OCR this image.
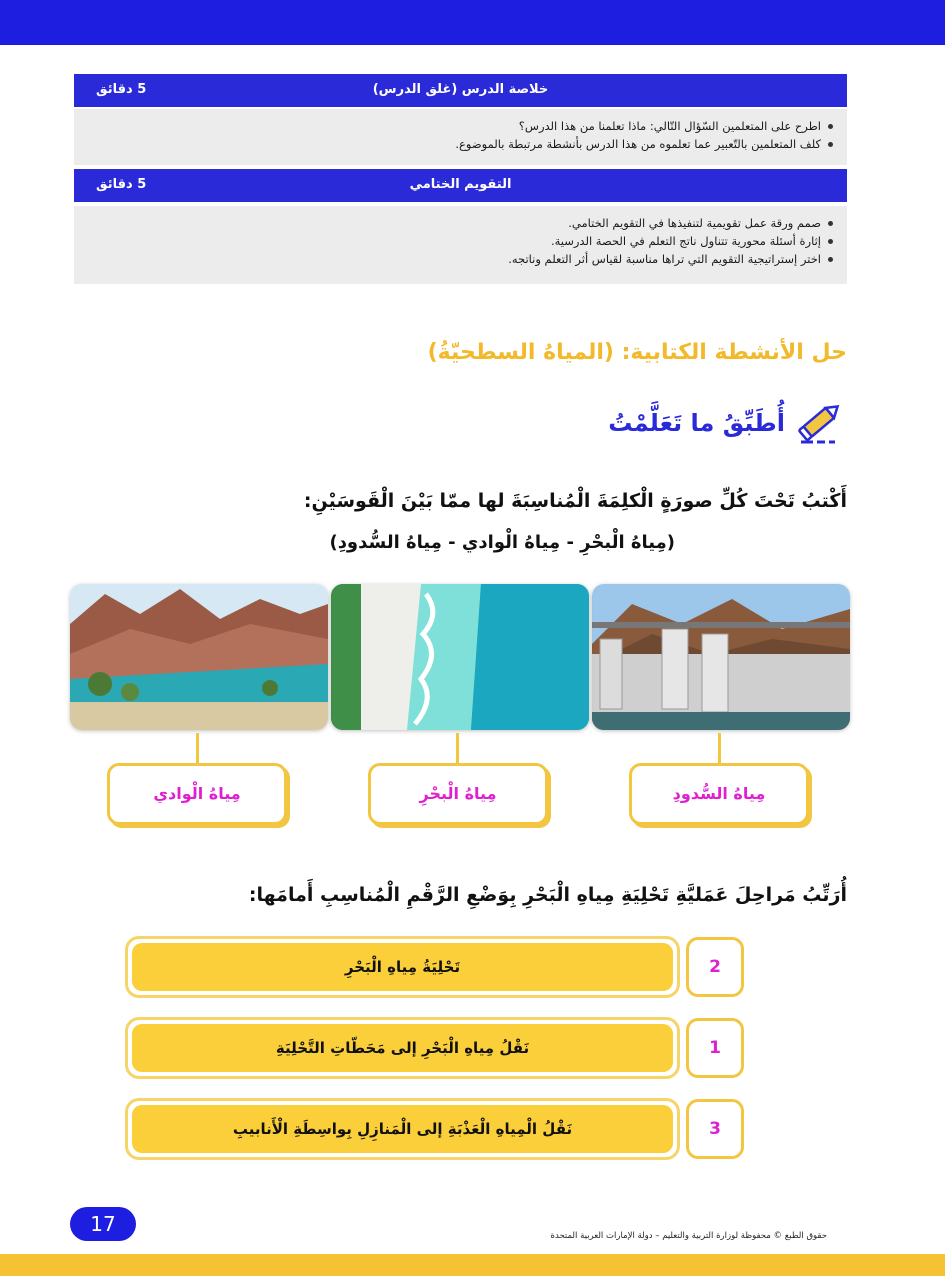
خلاصة الدرس (غلق الدرس)
5 دقائق
اطرح على المتعلمين السّؤال التّالي: ماذا تعلمنا من هذا الدرس؟
كلف المتعلمين بالتّعبير عما تعلموه من هذا الدرس بأنشطة مرتبطة بالموضوع.
التقويم الختامي
5 دقائق
صمم ورقة عمل تقويمية لتنفيذها في التقويم الختامي.
إثارة أسئلة محورية تتناول ناتج التعلم في الحصة الدرسية.
اختر إستراتيجية التقويم التي تراها مناسبة لقياس أثر التعلم وناتجه.
حل الأنشطة الكتابية: (المياهُ السطحيّةُ)
أُطَبِّقُ ما تَعَلَّمْتُ
أَكْتبُ تَحْتَ كُلِّ صورَةٍ الْكلِمَةَ الْمُناسِبَةَ لها ممّا بَيْنَ الْقَوسَيْنِ:
(مِياهُ الْبحْرِ - مِياهُ الْوادي - مِياهُ السُّدودِ)
مِياهُ السُّدودِ
مِياهُ الْبحْرِ
مِياهُ الْوادي
أُرَتِّبُ مَراحِلَ عَمَليَّةِ تَحْلِيَةِ مِياهِ الْبَحْرِ بِوَضْعِ الرَّقْمِ الْمُناسِبِ أَمامَها:
تَحْلِيَةُ مِياهِ الْبَحْرِ	2
نَقْلُ مِياهِ الْبَحْرِ إلى مَحَطّاتِ التَّحْلِيَةِ	1
نَقْلُ الْمِياهِ الْعَذْبَةِ إلى الْمَنازِلِ بِواسِطَةِ الْأَنابيبِ	3
17	حقوق الطبع © محفوظة لوزارة التربية والتعليم – دولة الإمارات العربية المتحدة
